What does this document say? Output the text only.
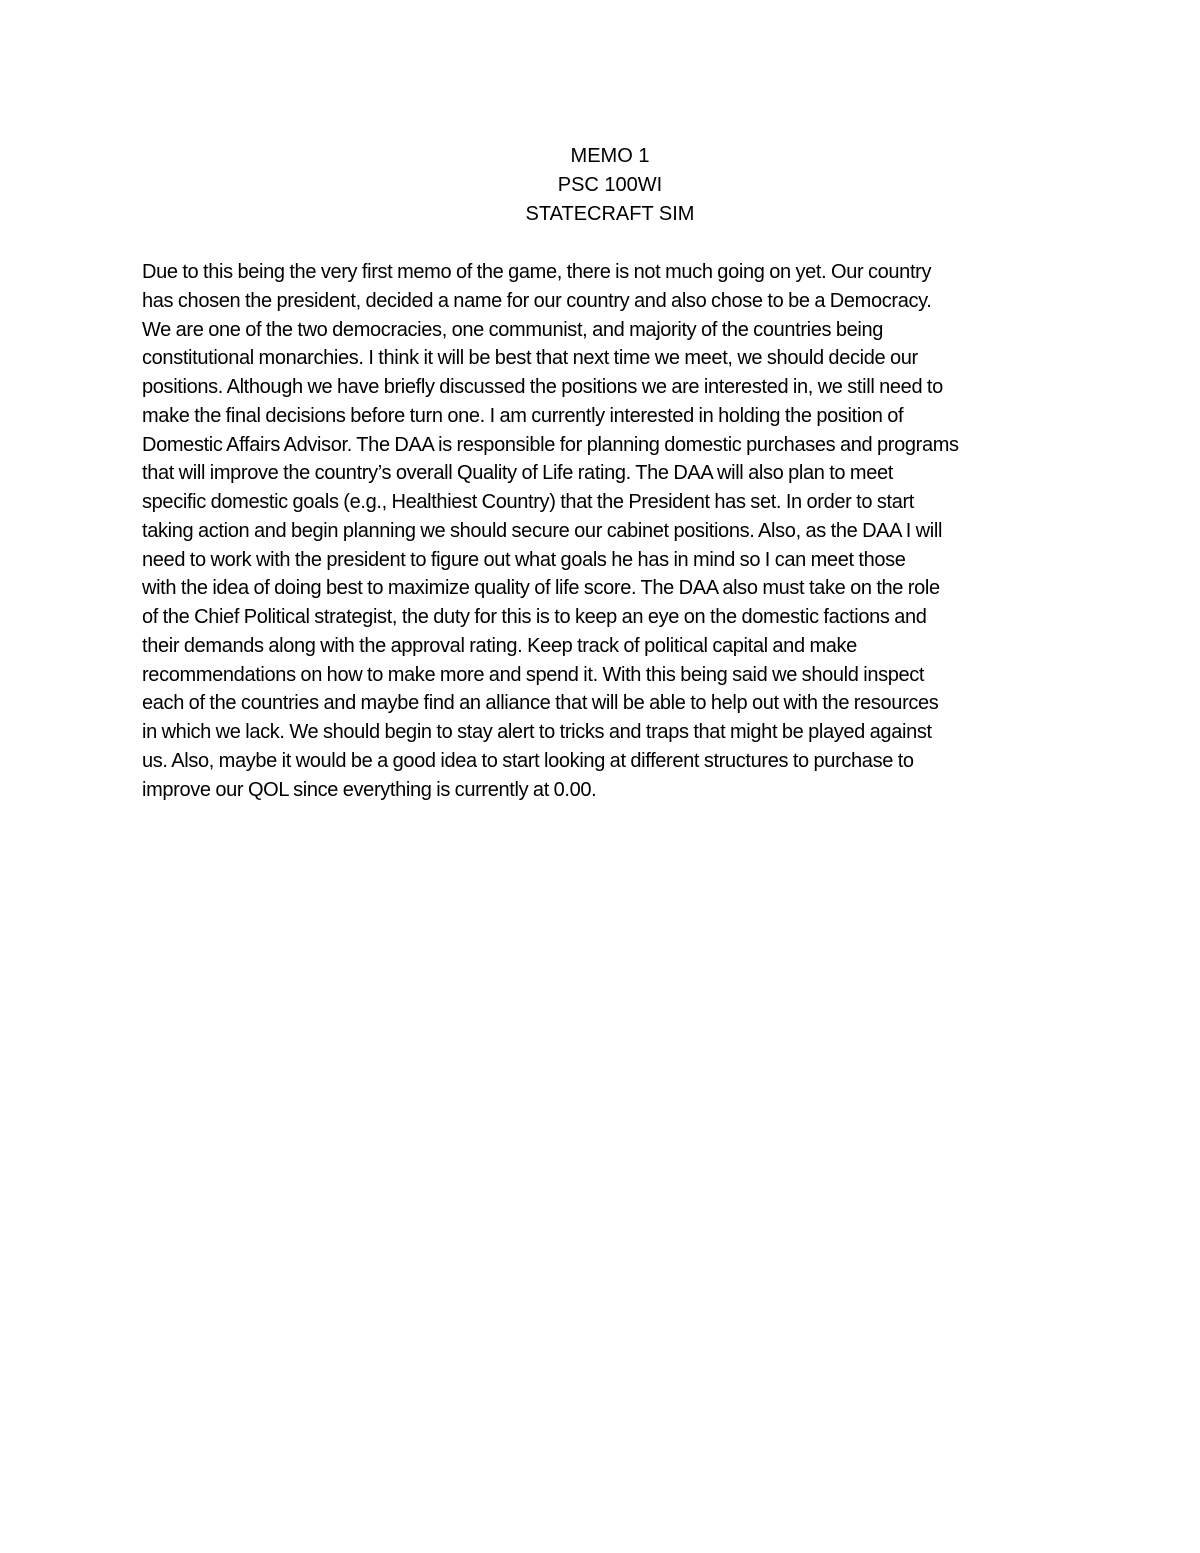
MEMO 1
PSC 100WI
STATECRAFT SIM
Due to this being the very first memo of the game, there is not much going on yet. Our country
has chosen the president, decided a name for our country and also chose to be a Democracy.
We are one of the two democracies, one communist, and majority of the countries being
constitutional monarchies. I think it will be best that next time we meet, we should decide our
positions. Although we have briefly discussed the positions we are interested in, we still need to
make the final decisions before turn one. I am currently interested in holding the position of
Domestic Affairs Advisor. The DAA is responsible for planning domestic purchases and programs
that will improve the country’s overall Quality of Life rating. The DAA will also plan to meet
specific domestic goals (e.g., Healthiest Country) that the President has set. In order to start
taking action and begin planning we should secure our cabinet positions. Also, as the DAA I will
need to work with the president to figure out what goals he has in mind so I can meet those
with the idea of doing best to maximize quality of life score. The DAA also must take on the role
of the Chief Political strategist, the duty for this is to keep an eye on the domestic factions and
their demands along with the approval rating. Keep track of political capital and make
recommendations on how to make more and spend it. With this being said we should inspect
each of the countries and maybe find an alliance that will be able to help out with the resources
in which we lack. We should begin to stay alert to tricks and traps that might be played against
us. Also, maybe it would be a good idea to start looking at different structures to purchase to
improve our QOL since everything is currently at 0.00.
